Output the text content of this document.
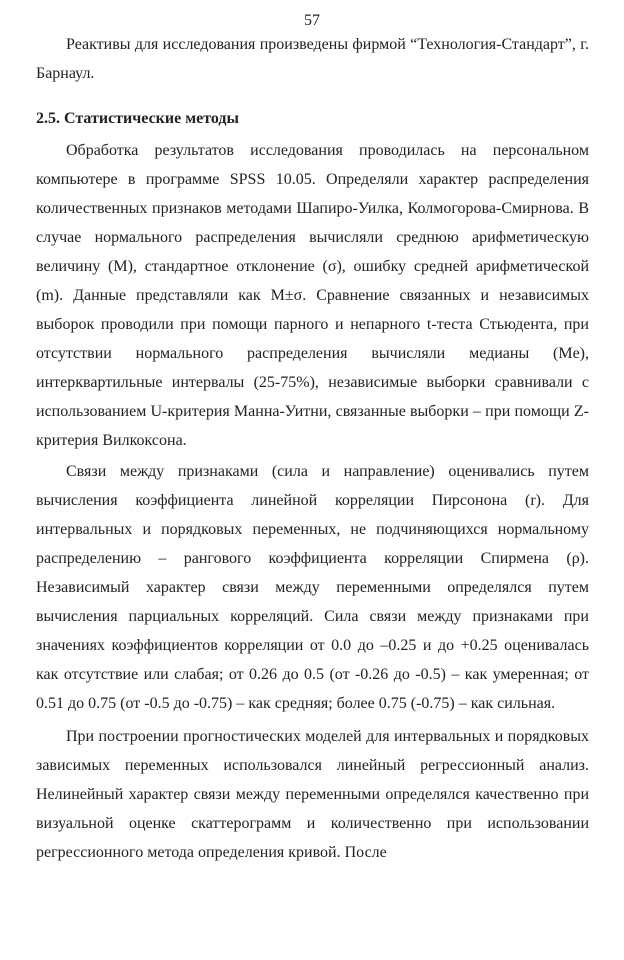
57

Реактивы для исследования произведены фирмой “Технология-Стандарт”, г. Барнаул.

2.5. Статистические методы

Обработка результатов исследования проводилась на персональном компьютере в программе SPSS 10.05. Определяли характер распределения количественных признаков методами Шапиро-Уилка, Колмогорова-Смирнова. В случае нормального распределения вычисляли среднюю арифметическую величину (M), стандартное отклонение (σ), ошибку средней арифметической (m). Данные представляли как M±σ. Сравнение связанных и независимых выборок проводили при помощи парного и непарного t-теста Стьюдента, при отсутствии нормального распределения вычисляли медианы (Me), интерквартильные интервалы (25-75%), независимые выборки сравнивали с использованием U-критерия Манна-Уитни, связанные выборки – при помощи Z-критерия Вилкоксона.

Связи между признаками (сила и направление) оценивались путем вычисления коэффициента линейной корреляции Пирсонона (r). Для интервальных и порядковых переменных, не подчиняющихся нормальному распределению – рангового коэффициента корреляции Спирмена (ρ). Независимый характер связи между переменными определялся путем вычисления парциальных корреляций. Сила связи между признаками при значениях коэффициентов корреляции от 0.0 до –0.25 и до +0.25 оценивалась как отсутствие или слабая; от 0.26 до 0.5 (от -0.26 до -0.5) – как умеренная; от 0.51 до 0.75 (от -0.5 до -0.75) – как средняя; более 0.75 (-0.75) – как сильная.

При построении прогностических моделей для интервальных и порядковых зависимых переменных использовался линейный регрессионный анализ. Нелинейный характер связи между переменными определялся качественно при визуальной оценке скаттерограмм и количественно при использовании регрессионного метода определения кривой. После
